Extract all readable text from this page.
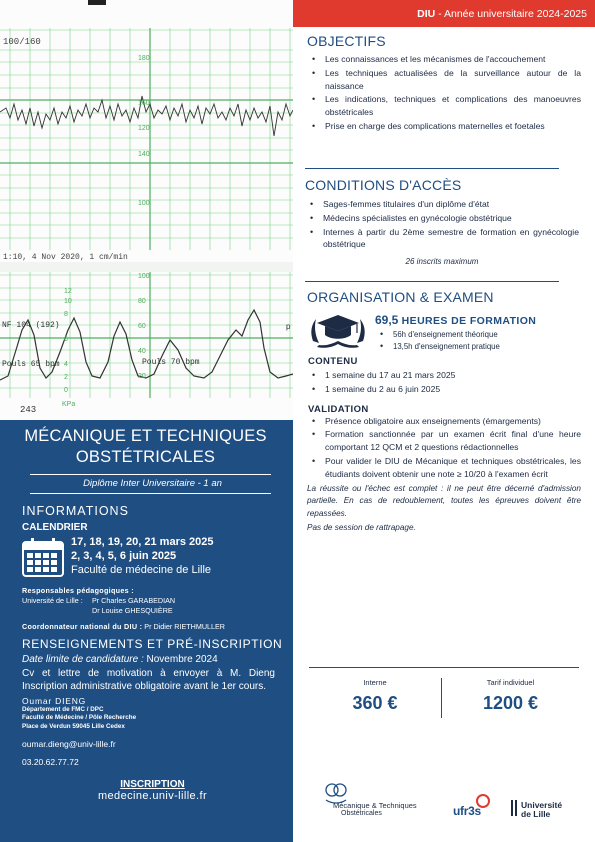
100/160
180
160
120
140
100
1:10, 4 Nov 2020, 1 cm/min
NF 104 (192)
Pouls 65 bpm	Pouls 70 bpm
243
KPa
p
12
100
80
60
40
20
10
8
6
4
2
0
MÉCANIQUE ET TECHNIQUES OBSTÉTRICALES
Diplôme Inter Universitaire - 1 an
INFORMATIONS
CALENDRIER
17, 18, 19, 20, 21 mars 2025
2, 3, 4, 5, 6 juin 2025
Faculté de médecine de Lille
Responsables pédagogiques :
Université de Lille :	Pr Charles GARABEDIAN
Dr Louise GHESQUIÈRE
Coordonnateur national du DIU : Pr Didier RIETHMULLER
RENSEIGNEMENTS ET PRÉ-INSCRIPTION
Date limite de candidature : Novembre 2024
Cv et lettre de motivation à envoyer à M. Dieng Inscription administrative obligatoire avant le 1er cours.
Oumar DIENG
Département de FMC / DPC
Faculté de Médecine / Pôle Recherche
Place de Verdun 59045 Lille Cedex
oumar.dieng@univ-lille.fr
03.20.62.77.72
INSCRIPTION
medecine.univ-lille.fr
DIU - Année universitaire 2024-2025
OBJECTIFS
• Les connaissances et les mécanismes de l'accouchement
• Les techniques actualisées de la surveillance autour de la naissance
• Les indications, techniques et complications des manoeuvres obstétricales
• Prise en charge des complications maternelles et foetales
CONDITIONS D'ACCÈS
• Sages-femmes titulaires d'un diplôme d'état
• Médecins spécialistes en gynécologie obstétrique
• Internes à partir du 2ème semestre de formation en gynécologie obstétrique
26 inscrits maximum
ORGANISATION & EXAMEN
69,5 HEURES DE FORMATION
• 56h d'enseignement théorique
• 13,5h d'enseignement pratique
CONTENU
• 1 semaine du 17 au 21 mars 2025
• 1 semaine du 2 au 6 juin 2025
VALIDATION
• Présence obligatoire aux enseignements (émargements)
• Formation sanctionnée par un examen écrit final d'une heure comportant 12 QCM et 2 questions rédactionnelles
• Pour valider le DIU de Mécanique et techniques obstétricales, les étudiants doivent obtenir une note ≥ 10/20 à l'examen écrit
La réussite ou l'échec est complet : il ne peut être décerné d'admission partielle. En cas de redoublement, toutes les épreuves doivent être repassées.
Pas de session de rattrapage.
Interne
360 €
Tarif individuel
1200 €
Mécanique & Techniques
Obstétricales	ufr3s	Université
de Lille
